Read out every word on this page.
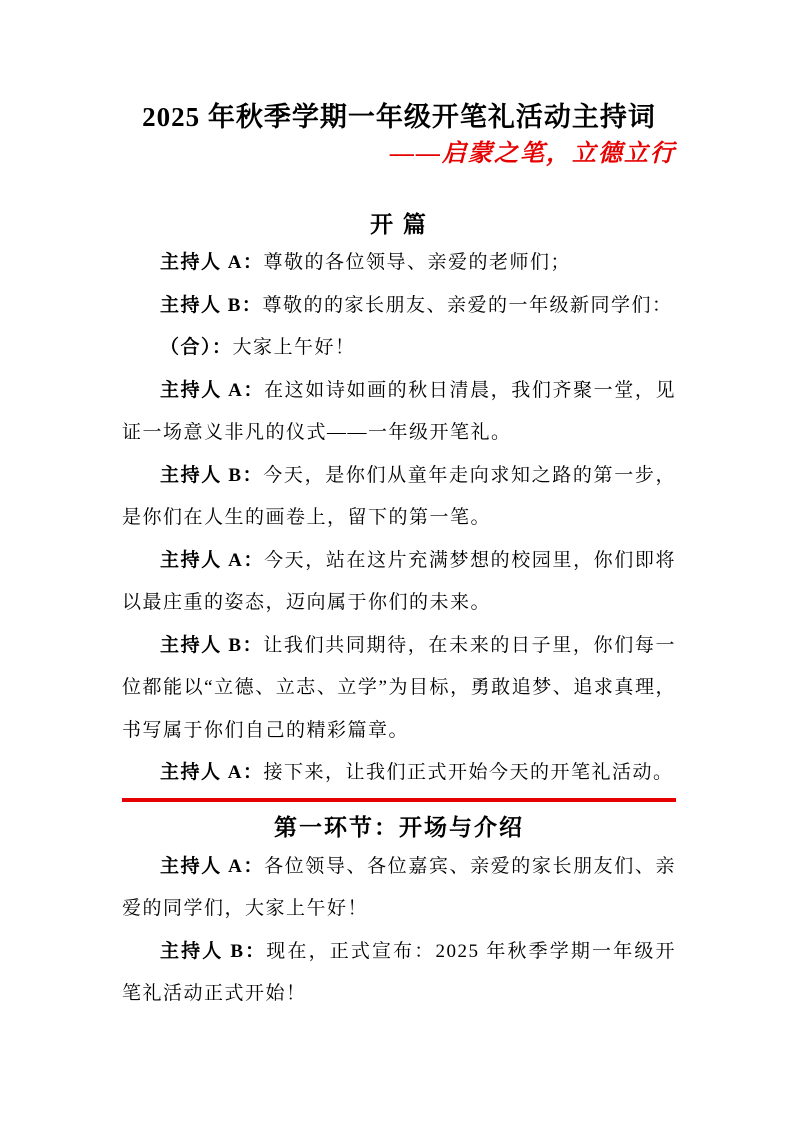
2025 年秋季学期一年级开笔礼活动主持词
——启蒙之笔，立德立行
开 篇

主持人 A：尊敬的各位领导、亲爱的老师们；

主持人 B：尊敬的的家长朋友、亲爱的一年级新同学们：

（合）：大家上午好！

主持人 A：在这如诗如画的秋日清晨，我们齐聚一堂，见证一场意义非凡的仪式——一年级开笔礼。

主持人 B：今天，是你们从童年走向求知之路的第一步，是你们在人生的画卷上，留下的第一笔。

主持人 A：今天，站在这片充满梦想的校园里，你们即将以最庄重的姿态，迈向属于你们的未来。

主持人 B：让我们共同期待，在未来的日子里，你们每一位都能以“立德、立志、立学”为目标，勇敢追梦、追求真理，书写属于你们自己的精彩篇章。

主持人 A：接下来，让我们正式开始今天的开笔礼活动。

第一环节：开场与介绍

主持人 A：各位领导、各位嘉宾、亲爱的家长朋友们、亲爱的同学们，大家上午好！

主持人 B：现在，正式宣布：2025 年秋季学期一年级开笔礼活动正式开始！
